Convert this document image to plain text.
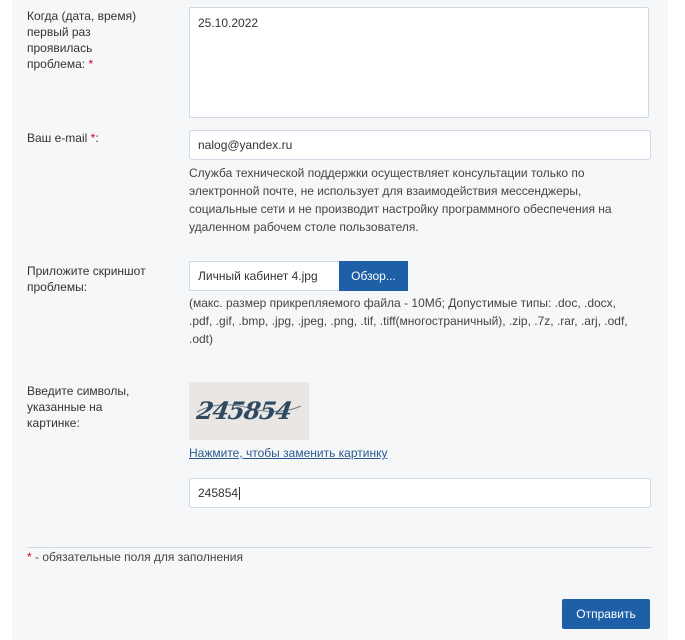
Когда (дата, время)
первый раз
проявилась
проблема: *
25.10.2022
Ваш e-mail *:	nalog@yandex.ru
Служба технической поддержки осуществляет консультации только по
электронной почте, не использует для взаимодействия мессенджеры,
социальные сети и не производит настройку программного обеспечения на
удаленном рабочем столе пользователя.
Приложите скриншот
проблемы:
Личный кабинет 4.jpg	Обзор...
(макс. размер прикрепляемого файла - 10Мб; Допустимые типы: .doc, .docx,
.pdf, .gif, .bmp, .jpg, .jpeg, .png, .tif, .tiff(многостраничный), .zip, .7z, .rar, .arj, .odf,
.odt)
Введите символы,
указанные на
картинке:	245854
Нажмите, чтобы заменить картинку
245854
* - обязательные поля для заполнения
Отправить
